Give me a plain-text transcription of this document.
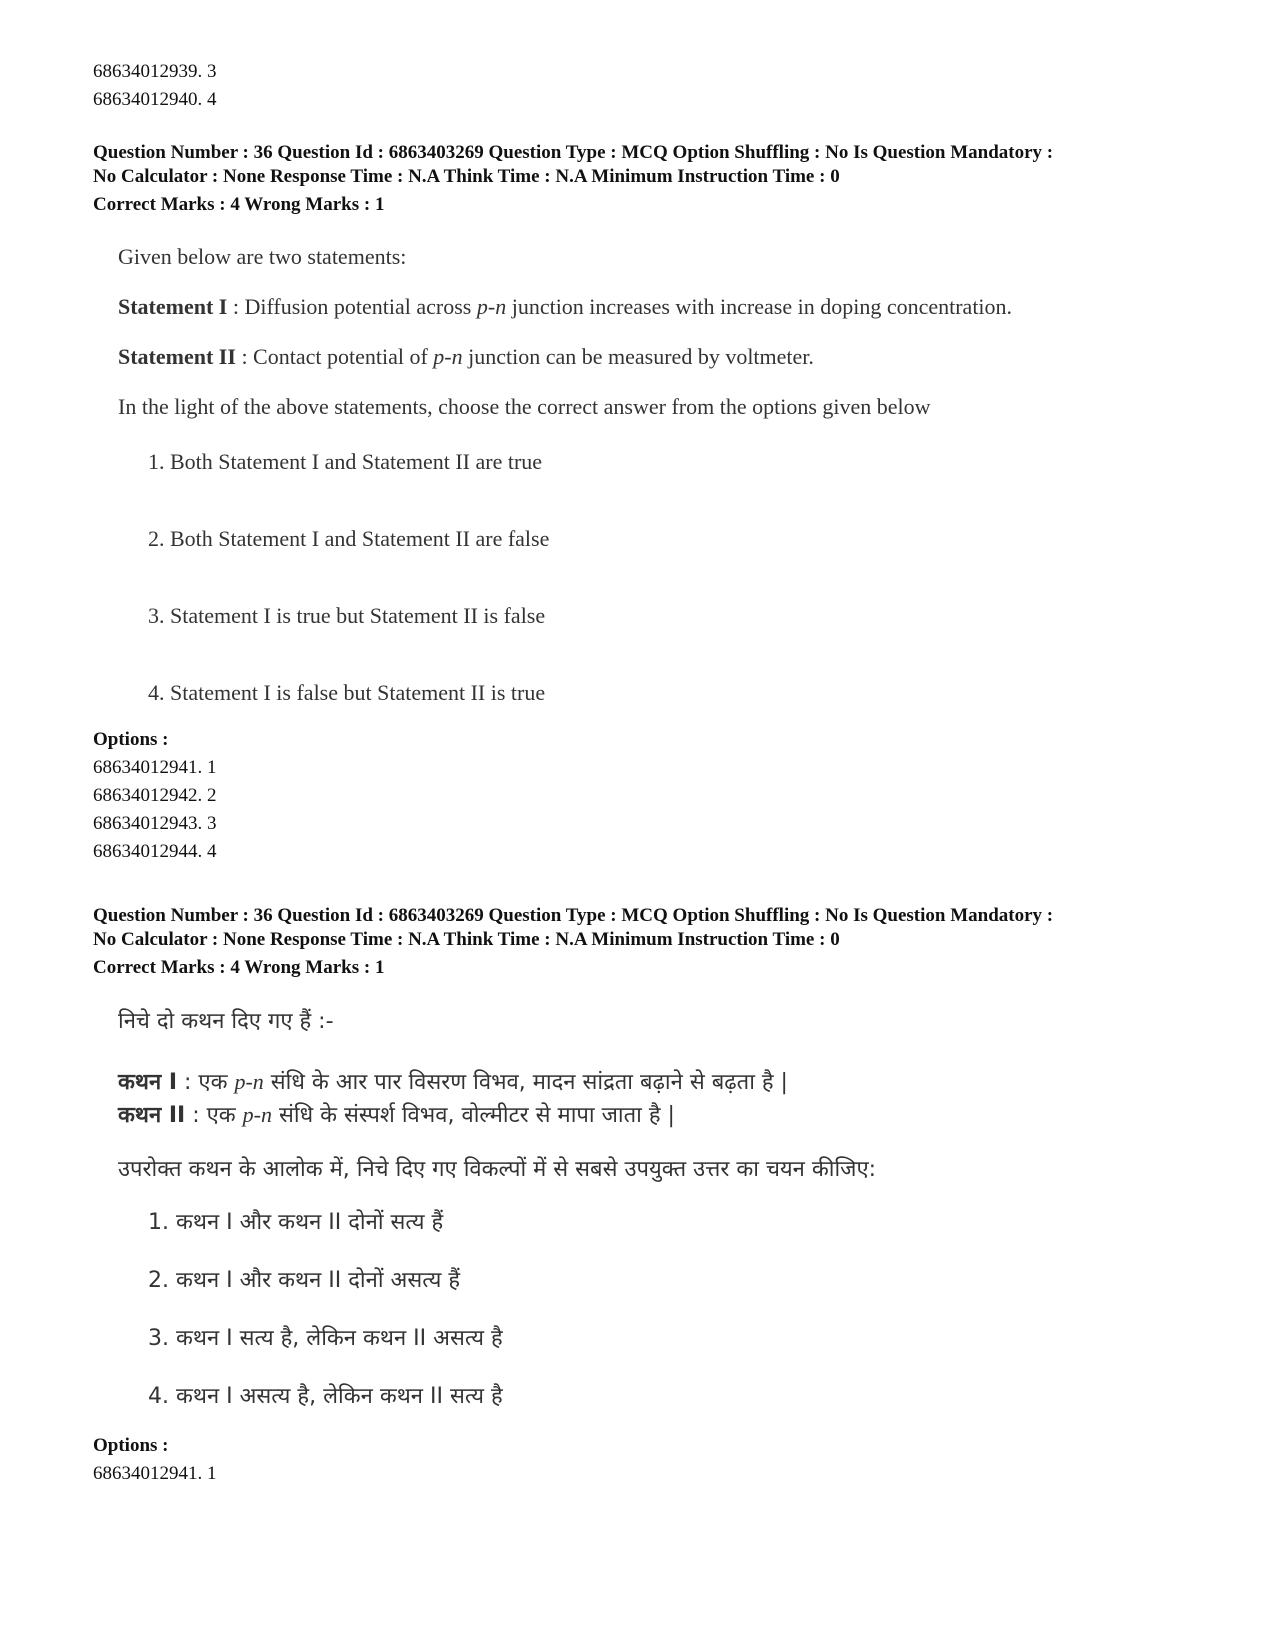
68634012939. 3
68634012940. 4
Question Number : 36 Question Id : 6863403269 Question Type : MCQ Option Shuffling : No Is Question Mandatory :
No Calculator : None Response Time : N.A Think Time : N.A Minimum Instruction Time : 0
Correct Marks : 4 Wrong Marks : 1
Given below are two statements:
Statement I : Diffusion potential across p-n junction increases with increase in doping concentration.
Statement II : Contact potential of p-n junction can be measured by voltmeter.
In the light of the above statements, choose the correct answer from the options given below
1. Both Statement I and Statement II are true
2. Both Statement I and Statement II are false
3. Statement I is true but Statement II is false
4. Statement I is false but Statement II is true
Options :
68634012941. 1
68634012942. 2
68634012943. 3
68634012944. 4
Question Number : 36 Question Id : 6863403269 Question Type : MCQ Option Shuffling : No Is Question Mandatory :
No Calculator : None Response Time : N.A Think Time : N.A Minimum Instruction Time : 0
Correct Marks : 4 Wrong Marks : 1
निचे दो कथन दिए गए हैं :-
कथन I : एक p-n संधि के आर पार विसरण विभव, मादन सांद्रता बढ़ाने से बढ़ता है |
कथन II : एक p-n संधि के संस्पर्श विभव, वोल्मीटर से मापा जाता है |
उपरोक्त कथन के आलोक में, निचे दिए गए विकल्पों में से सबसे उपयुक्त उत्तर का चयन कीजिए:
1. कथन I और कथन II दोनों सत्य हैं
2. कथन I और कथन II दोनों असत्य हैं
3. कथन I सत्य है, लेकिन कथन II असत्य है
4. कथन I असत्य है, लेकिन कथन II सत्य है
Options :
68634012941. 1
